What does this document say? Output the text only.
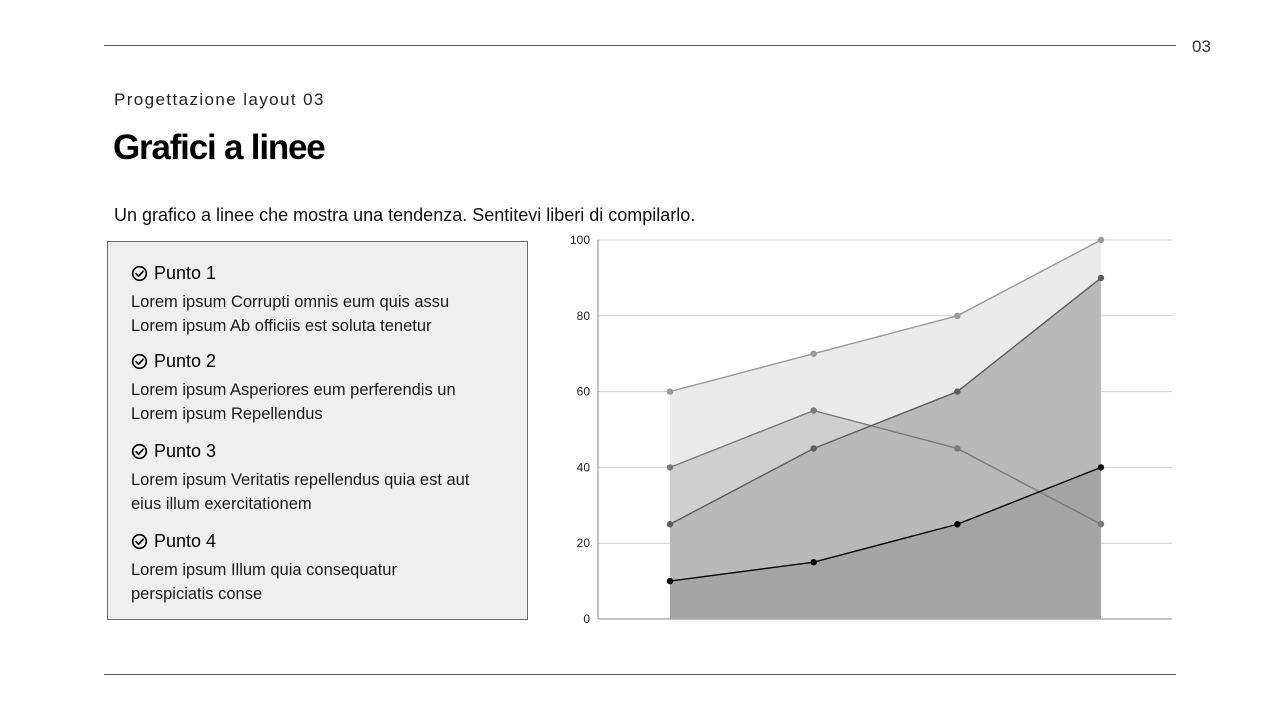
03
Progettazione layout 03
Grafici a linee
Un grafico a linee che mostra una tendenza. Sentitevi liberi di compilarlo.
Punto 1
Lorem ipsum Corrupti omnis eum quis assu
Lorem ipsum Ab officiis est soluta tenetur
Punto 2
Lorem ipsum Asperiores eum perferendis un
Lorem ipsum Repellendus
Punto 3
Lorem ipsum Veritatis repellendus quia est aut
eius illum exercitationem
Punto 4
Lorem ipsum Illum quia consequatur
perspiciatis conse
0
20
40
60
80
100
